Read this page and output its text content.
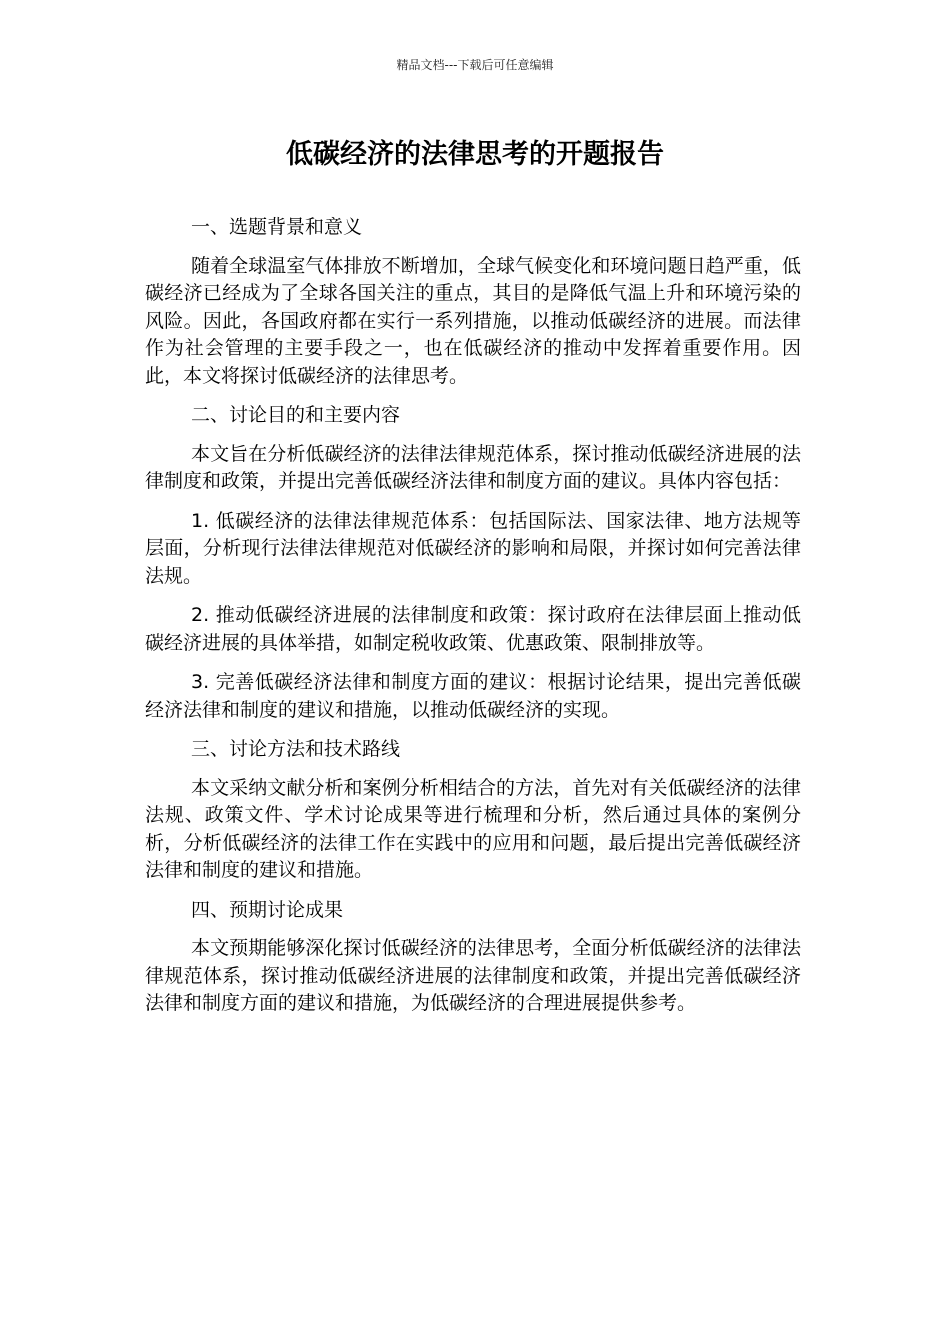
精品文档---下载后可任意编辑
低碳经济的法律思考的开题报告

一、选题背景和意义

随着全球温室气体排放不断增加，全球气候变化和环境问题日趋严重，低碳经济已经成为了全球各国关注的重点，其目的是降低气温上升和环境污染的风险。因此，各国政府都在实行一系列措施，以推动低碳经济的进展。而法律作为社会管理的主要手段之一，也在低碳经济的推动中发挥着重要作用。因此，本文将探讨低碳经济的法律思考。

二、讨论目的和主要内容

本文旨在分析低碳经济的法律法律规范体系，探讨推动低碳经济进展的法律制度和政策，并提出完善低碳经济法律和制度方面的建议。具体内容包括：

1. 低碳经济的法律法律规范体系：包括国际法、国家法律、地方法规等层面，分析现行法律法律规范对低碳经济的影响和局限，并探讨如何完善法律法规。

2. 推动低碳经济进展的法律制度和政策：探讨政府在法律层面上推动低碳经济进展的具体举措，如制定税收政策、优惠政策、限制排放等。

3. 完善低碳经济法律和制度方面的建议：根据讨论结果，提出完善低碳经济法律和制度的建议和措施，以推动低碳经济的实现。

三、讨论方法和技术路线

本文采纳文献分析和案例分析相结合的方法，首先对有关低碳经济的法律法规、政策文件、学术讨论成果等进行梳理和分析，然后通过具体的案例分析，分析低碳经济的法律工作在实践中的应用和问题，最后提出完善低碳经济法律和制度的建议和措施。

四、预期讨论成果

本文预期能够深化探讨低碳经济的法律思考，全面分析低碳经济的法律法律规范体系，探讨推动低碳经济进展的法律制度和政策，并提出完善低碳经济法律和制度方面的建议和措施，为低碳经济的合理进展提供参考。
